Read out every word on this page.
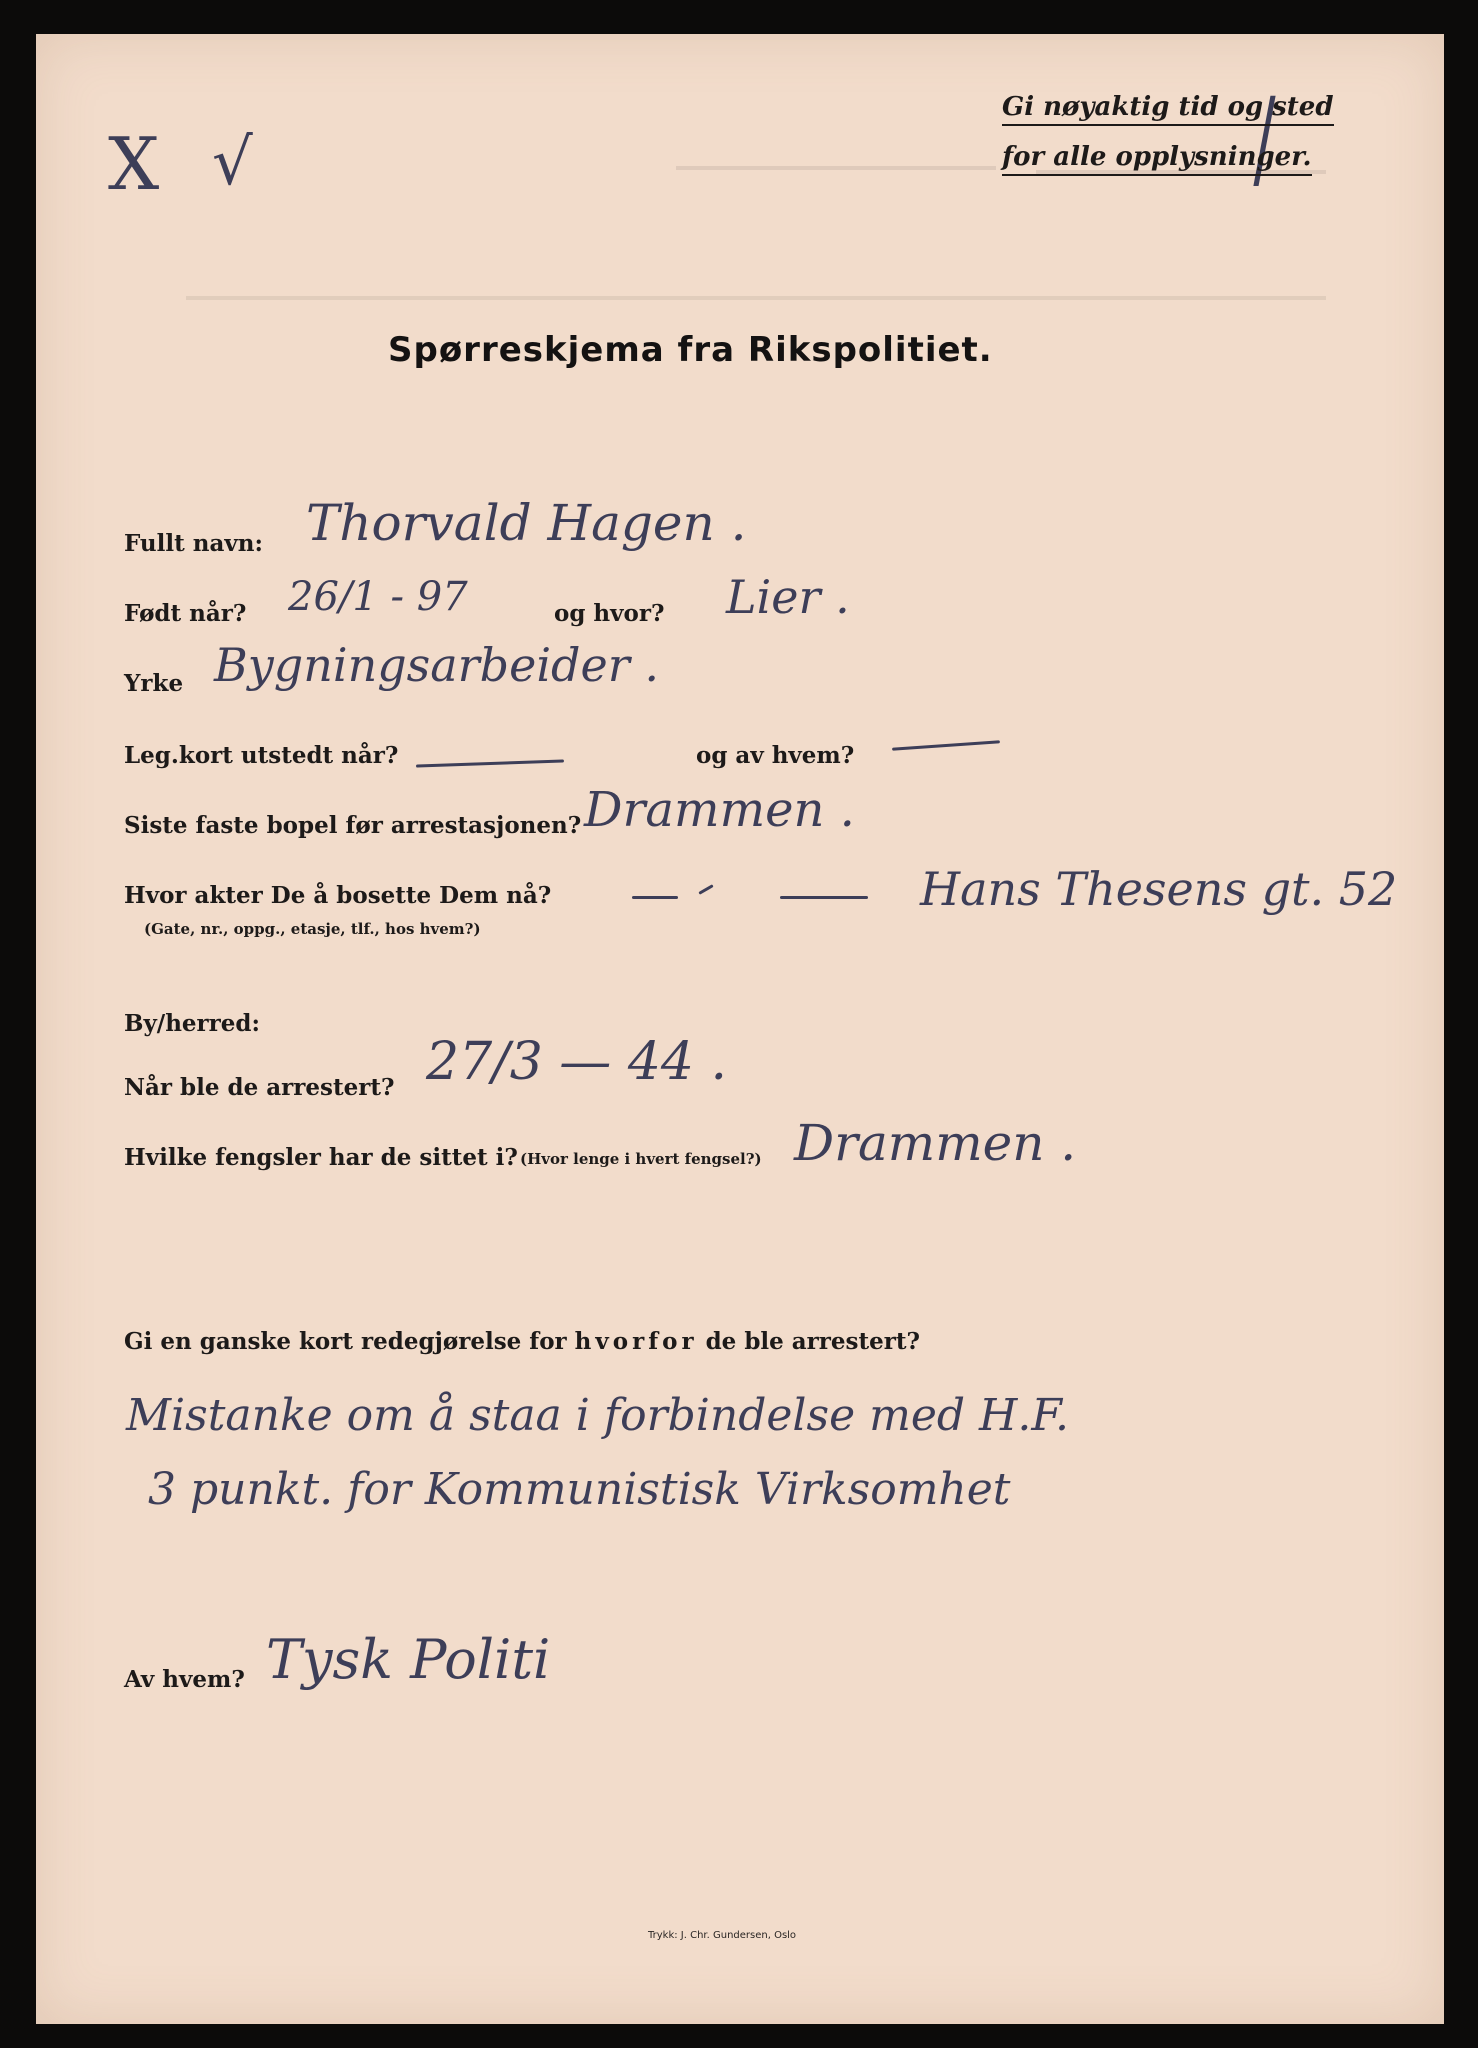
X √	/
Gi nøyaktig tid og sted
for alle opplysninger.
Spørreskjema fra Rikspolitiet.
Fullt navn: Thorvald Hagen .
Født når? 26/1 - 97	og hvor? Lier .
Yrke Bygningsarbeider .
Leg.kort utstedt når?	og av hvem?
Siste faste bopel før arrestasjonen? Drammen .
Hvor akter De å bosette Dem nå?
(Gate, nr., oppg., etasje, tlf., hos hvem?)
Hans Thesens gt. 52
By/herred:
Når ble de arrestert? 27/3 — 44 .
Hvilke fengsler har de sittet i? (Hvor lenge i hvert fengsel?) Drammen .
Gi en ganske kort redegjørelse for hvorfor de ble arrestert?
Mistanke om å staa i forbindelse med H.F.
3 punkt. for Kommunistisk Virksomhet
Av hvem? Tysk Politi
Trykk: J. Chr. Gundersen, Oslo
